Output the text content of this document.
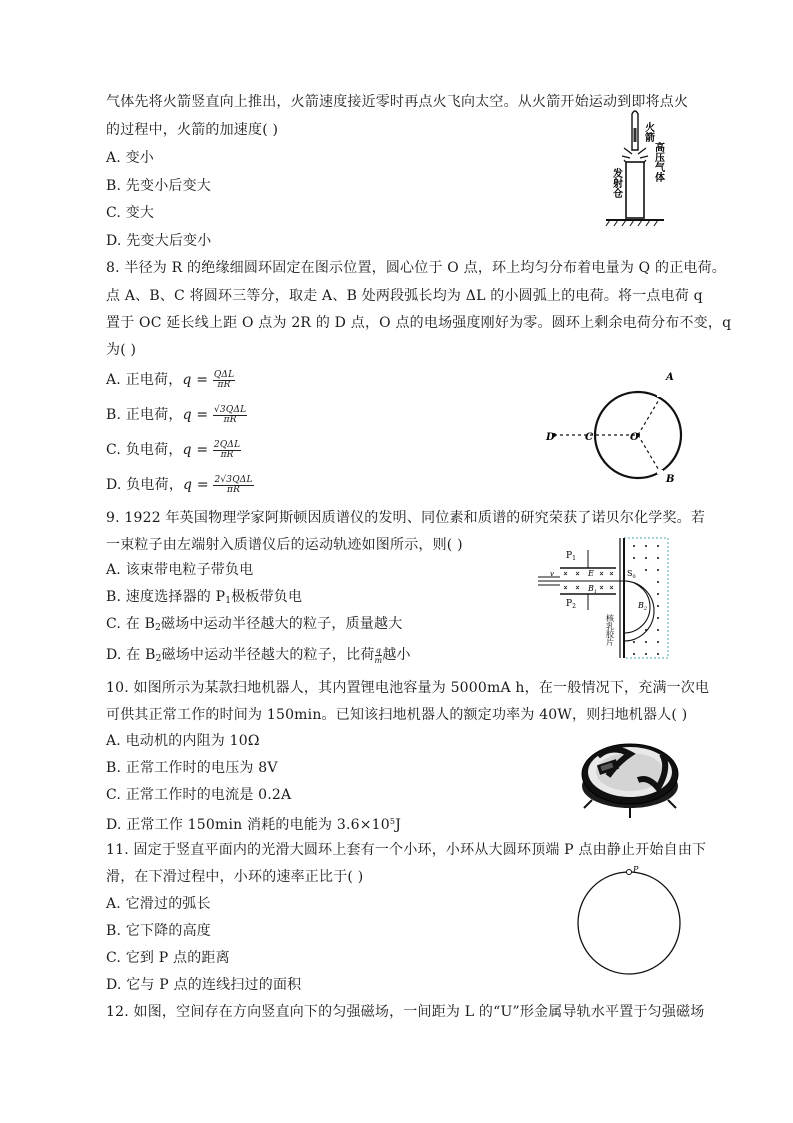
气体先将火箭竖直向上推出，火箭速度接近零时再点火飞向太空。从火箭开始运动到即将点火
的过程中，火箭的加速度( )
A. 变小
B. 先变小后变大
C. 变大
D. 先变大后变小
火箭
高压气体
发射仓
8. 半径为 R 的绝缘细圆环固定在图示位置，圆心位于 O 点，环上均匀分布着电量为 Q 的正电荷。
点 A、B、C 将圆环三等分，取走 A、B 处两段弧长均为 ΔL 的小圆弧上的电荷。将一点电荷 q
置于 OC 延长线上距 O 点为 2R 的 D 点，O 点的电场强度刚好为零。圆环上剩余电荷分布不变，q
为( )
A. 正电荷，q = QΔL
πR
B. 正电荷，q = √3QΔL
πR
C. 负电荷，q = 2QΔL
πR
D. 负电荷，q = 2√3QΔL
πR
A
B
C
D	O
9. 1922 年英国物理学家阿斯顿因质谱仪的发明、同位素和质谱的研究荣获了诺贝尔化学奖。若
一束粒子由左端射入质谱仪后的运动轨迹如图所示，则( )
A. 该束带电粒子带负电
B. 速度选择器的 $P_1$极板带负电
C. 在 $B_2$磁场中运动半径越大的粒子，质量越大
D. 在 $B_2$磁场中运动半径越大的粒子，比荷 $\frac{q}{m}$ 越小
$P_1$
$P_2$
v	E
$B_1$
$S_0$
$B_2$
核乳胶片
10. 如图所示为某款扫地机器人，其内置锂电池容量为 5000mA h，在一般情况下，充满一次电
可供其正常工作的时间为 150min。已知该扫地机器人的额定功率为 40W，则扫地机器人( )
A. 电动机的内阻为 10Ω
B. 正常工作时的电压为 8V
C. 正常工作时的电流是 0.2A
D. 正常工作 150min 消耗的电能为 $3.6\times 10^5J$
11. 固定于竖直平面内的光滑大圆环上套有一个小环，小环从大圆环顶端 P 点由静止开始自由下
滑，在下滑过程中，小环的速率正比于( )
A. 它滑过的弧长
B. 它下降的高度
C. 它到 P 点的距离
D. 它与 P 点的连线扫过的面积
P
12. 如图，空间存在方向竖直向下的匀强磁场，一间距为 L 的“U”形金属导轨水平置于匀强磁场
